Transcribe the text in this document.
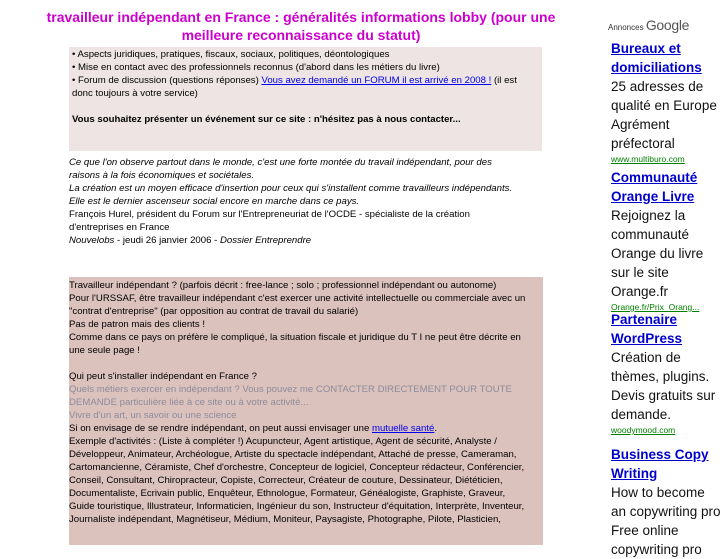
travailleur indépendant en France : généralités informations lobby (pour une meilleure reconnaissance du statut)
• Aspects juridiques, pratiques, fiscaux, sociaux, politiques, déontologiques
• Mise en contact avec des professionnels reconnus (d'abord dans les métiers du livre)
• Forum de discussion (questions réponses) Vous avez demandé un FORUM il est arrivé en 2008 ! (il est
donc toujours à votre service)

Vous souhaitez présenter un événement sur ce site : n'hésitez pas à nous contacter...
Ce que l'on observe partout dans le monde, c'est une forte montée du travail indépendant, pour des
raisons à la fois économiques et sociétales.
La création est un moyen efficace d'insertion pour ceux qui s'installent comme travailleurs indépendants.
Elle est le dernier ascenseur social encore en marche dans ce pays.
François Hurel, président du Forum sur l'Entrepreneuriat de l'OCDE - spécialiste de la création
d'entreprises en France
Nouvelobs - jeudi 26 janvier 2006 - Dossier Entreprendre
Travailleur indépendant ? (parfois décrit : free-lance ; solo ; professionnel indépendant ou autonome)
Pour l'URSSAF, être travailleur indépendant c'est exercer une activité intellectuelle ou commerciale avec un
"contrat d'entreprise" (par opposition au contrat de travail du salarié)
Pas de patron mais des clients !
Comme dans ce pays on préfère le compliqué, la situation fiscale et juridique du T I ne peut être décrite en
une seule page !

Qui peut s'installer indépendant en France ?
Quels métiers exercer en indépendant ? Vous pouvez me CONTACTER DIRECTEMENT POUR TOUTE
DEMANDE particulière liée à ce site ou à votre activité...
Vivre d'un art, un savoir ou une science
Si on envisage de se rendre indépendant, on peut aussi envisager une mutuelle santé.
Exemple d'activités : (Liste à compléter !) Acupuncteur, Agent artistique, Agent de sécurité, Analyste /
Développeur, Animateur, Archéologue, Artiste du spectacle indépendant, Attaché de presse, Cameraman,
Cartomancienne, Céramiste, Chef d'orchestre, Concepteur de logiciel, Concepteur rédacteur, Conférencier,
Conseil, Consultant, Chiropracteur, Copiste, Correcteur, Créateur de couture, Dessinateur, Diététicien,
Documentaliste, Ecrivain public, Enquêteur, Ethnologue, Formateur, Généalogiste, Graphiste, Graveur,
Guide touristique, Illustrateur, Informaticien, Ingénieur du son, Instructeur d'équitation, Interprète, Inventeur,
Journaliste indépendant, Magnétiseur, Médium, Moniteur, Paysagiste, Photographe, Pilote, Plasticien,
Annonces Google
Bureaux et domiciliations
25 adresses de qualité en Europe Agrément préfectoral
www.multiburo.com
Communauté Orange Livre
Rejoignez la communauté Orange du livre sur le site Orange.fr
Orange.fr/Prix_Orang...
Partenaire WordPress
Création de thèmes, plugins. Devis gratuits sur demande.
woodymood.com
Business Copy Writing
How to become an copywriting pro Free online copywriting pro
